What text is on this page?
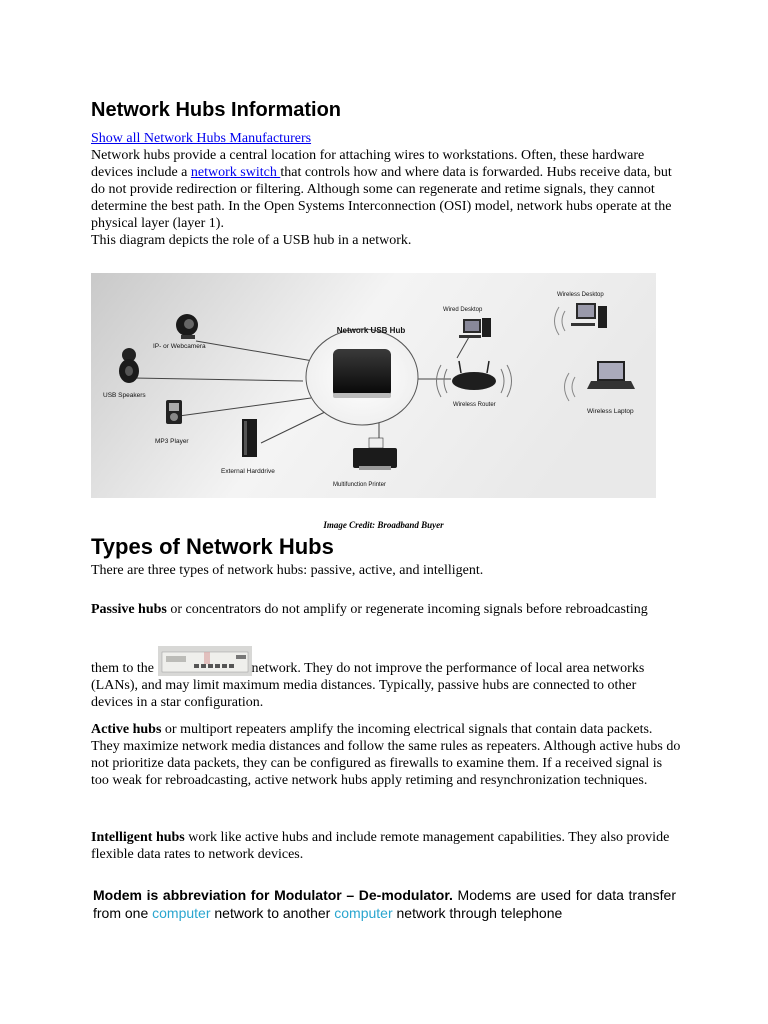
Network Hubs Information

Show all Network Hubs Manufacturers

Network hubs provide a central location for attaching wires to workstations. Often, these hardware devices include a network switch that controls how and where data is forwarded. Hubs receive data, but do not provide redirection or filtering. Although some can regenerate and retime signals, they cannot determine the best path. In the Open Systems Interconnection (OSI) model, network hubs operate at the physical layer (layer 1).

This diagram depicts the role of a USB hub in a network.

Network USB Hub
IP- or Webcamera
USB Speakers
MP3 Player
External Harddrive
Multifunction Printer
Wireless Router
Wired Desktop
Wireless Desktop
Wireless Laptop
Image Credit: Broadband Buyer
Types of Network Hubs

There are three types of network hubs: passive, active, and intelligent.

Passive hubs or concentrators do not amplify or regenerate incoming signals before rebroadcasting

them to the	network. They do not improve the performance of local area networks (LANs), and may limit maximum media distances. Typically, passive hubs are connected to other devices in a star configuration.

Active hubs or multiport repeaters amplify the incoming electrical signals that contain data packets. They maximize network media distances and follow the same rules as repeaters. Although active hubs do not prioritize data packets, they can be configured as firewalls to examine them. If a received signal is too weak for rebroadcasting, active network hubs apply retiming and resynchronization techniques.

Intelligent hubs work like active hubs and include remote management capabilities. They also provide flexible data rates to network devices.

Modem is abbreviation for Modulator – De-modulator. Modems are used for data transfer from one computer network to another computer network through telephone
